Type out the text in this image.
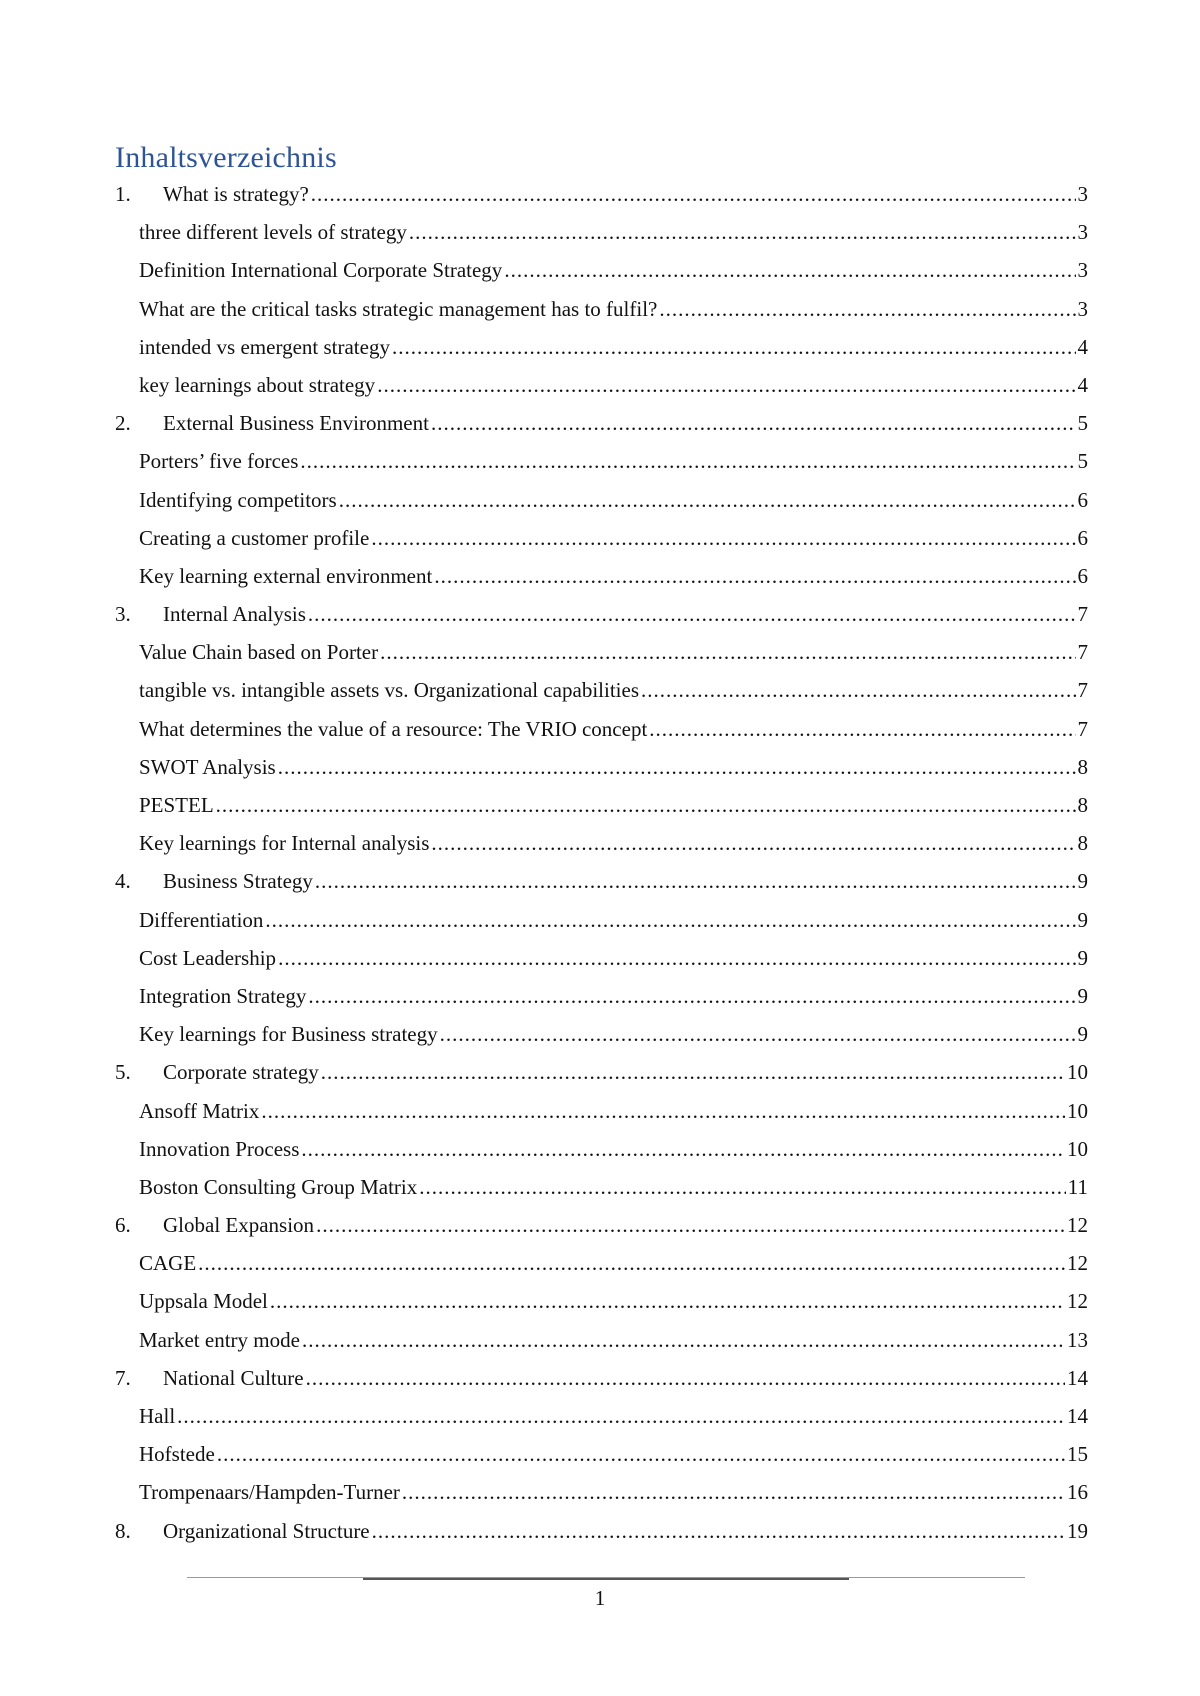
Inhaltsverzeichnis
1.	What is strategy? .....	3
three different levels of strategy .....	3
Definition International Corporate Strategy .....	3
What are the critical tasks strategic management has to fulfil? .....	3
intended vs emergent strategy .....	4
key learnings about strategy .....	4
2.	External Business Environment .....	5
Porters’ five forces .....	5
Identifying competitors .....	6
Creating a customer profile .....	6
Key learning external environment .....	6
3.	Internal Analysis .....	7
Value Chain based on Porter .....	7
tangible vs. intangible assets vs. Organizational capabilities .....	7
What determines the value of a resource: The VRIO concept .....	7
SWOT Analysis .....	8
PESTEL .....	8
Key learnings for Internal analysis .....	8
4.	Business Strategy .....	9
Differentiation .....	9
Cost Leadership .....	9
Integration Strategy .....	9
Key learnings for Business strategy .....	9
5.	Corporate strategy .....	10
Ansoff Matrix .....	10
Innovation Process .....	10
Boston Consulting Group Matrix .....	11
6.	Global Expansion .....	12
CAGE .....	12
Uppsala Model .....	12
Market entry mode .....	13
7.	National Culture .....	14
Hall .....	14
Hofstede .....	15
Trompenaars/Hampden-Turner .....	16
8.	Organizational Structure .....	19
1
